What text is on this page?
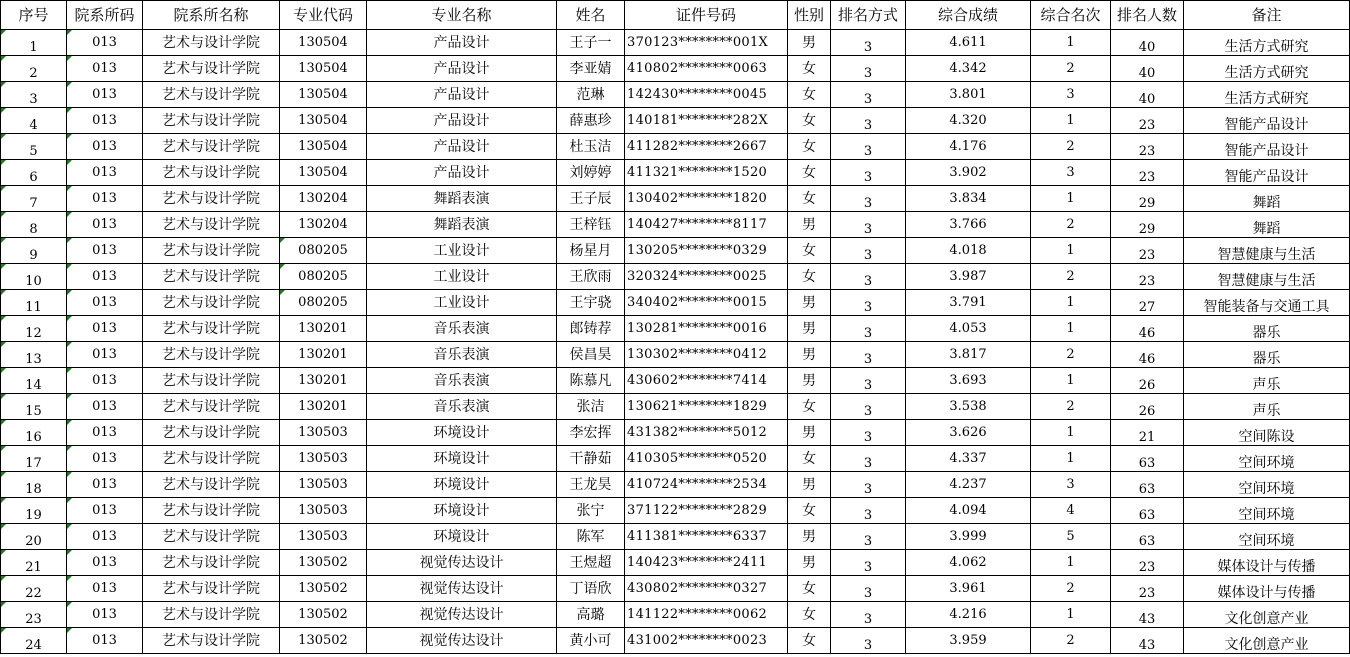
序号	院系所码	院系所名称	专业代码	专业名称	姓名	证件号码	性别	排名方式	综合成绩	综合名次	排名人数	备注
1	013	艺术与设计学院	130504	产品设计	王子一	370123********001X	男	3	4.611	1	40	生活方式研究
2	013	艺术与设计学院	130504	产品设计	李亚婧	410802********0063	女	3	4.342	2	40	生活方式研究
3	013	艺术与设计学院	130504	产品设计	范琳	142430********0045	女	3	3.801	3	40	生活方式研究
4	013	艺术与设计学院	130504	产品设计	薛惠珍	140181********282X	女	3	4.320	1	23	智能产品设计
5	013	艺术与设计学院	130504	产品设计	杜玉洁	411282********2667	女	3	4.176	2	23	智能产品设计
6	013	艺术与设计学院	130504	产品设计	刘婷婷	411321********1520	女	3	3.902	3	23	智能产品设计
7	013	艺术与设计学院	130204	舞蹈表演	王子辰	130402********1820	女	3	3.834	1	29	舞蹈
8	013	艺术与设计学院	130204	舞蹈表演	王梓钰	140427********8117	男	3	3.766	2	29	舞蹈
9	013	艺术与设计学院	080205	工业设计	杨星月	130205********0329	女	3	4.018	1	23	智慧健康与生活
10	013	艺术与设计学院	080205	工业设计	王欣雨	320324********0025	女	3	3.987	2	23	智慧健康与生活
11	013	艺术与设计学院	080205	工业设计	王宇骁	340402********0015	男	3	3.791	1	27	智能装备与交通工具
12	013	艺术与设计学院	130201	音乐表演	郎铸荐	130281********0016	男	3	4.053	1	46	器乐
13	013	艺术与设计学院	130201	音乐表演	侯昌昊	130302********0412	男	3	3.817	2	46	器乐
14	013	艺术与设计学院	130201	音乐表演	陈慕凡	430602********7414	男	3	3.693	1	26	声乐
15	013	艺术与设计学院	130201	音乐表演	张洁	130621********1829	女	3	3.538	2	26	声乐
16	013	艺术与设计学院	130503	环境设计	李宏挥	431382********5012	男	3	3.626	1	21	空间陈设
17	013	艺术与设计学院	130503	环境设计	干静茹	410305********0520	女	3	4.337	1	63	空间环境
18	013	艺术与设计学院	130503	环境设计	王龙昊	410724********2534	男	3	4.237	3	63	空间环境
19	013	艺术与设计学院	130503	环境设计	张宁	371122********2829	女	3	4.094	4	63	空间环境
20	013	艺术与设计学院	130503	环境设计	陈军	411381********6337	男	3	3.999	5	63	空间环境
21	013	艺术与设计学院	130502	视觉传达设计	王煜超	140423********2411	男	3	4.062	1	23	媒体设计与传播
22	013	艺术与设计学院	130502	视觉传达设计	丁语欣	430802********0327	女	3	3.961	2	23	媒体设计与传播
23	013	艺术与设计学院	130502	视觉传达设计	高璐	141122********0062	女	3	4.216	1	43	文化创意产业
24	013	艺术与设计学院	130502	视觉传达设计	黄小可	431002********0023	女	3	3.959	2	43	文化创意产业
